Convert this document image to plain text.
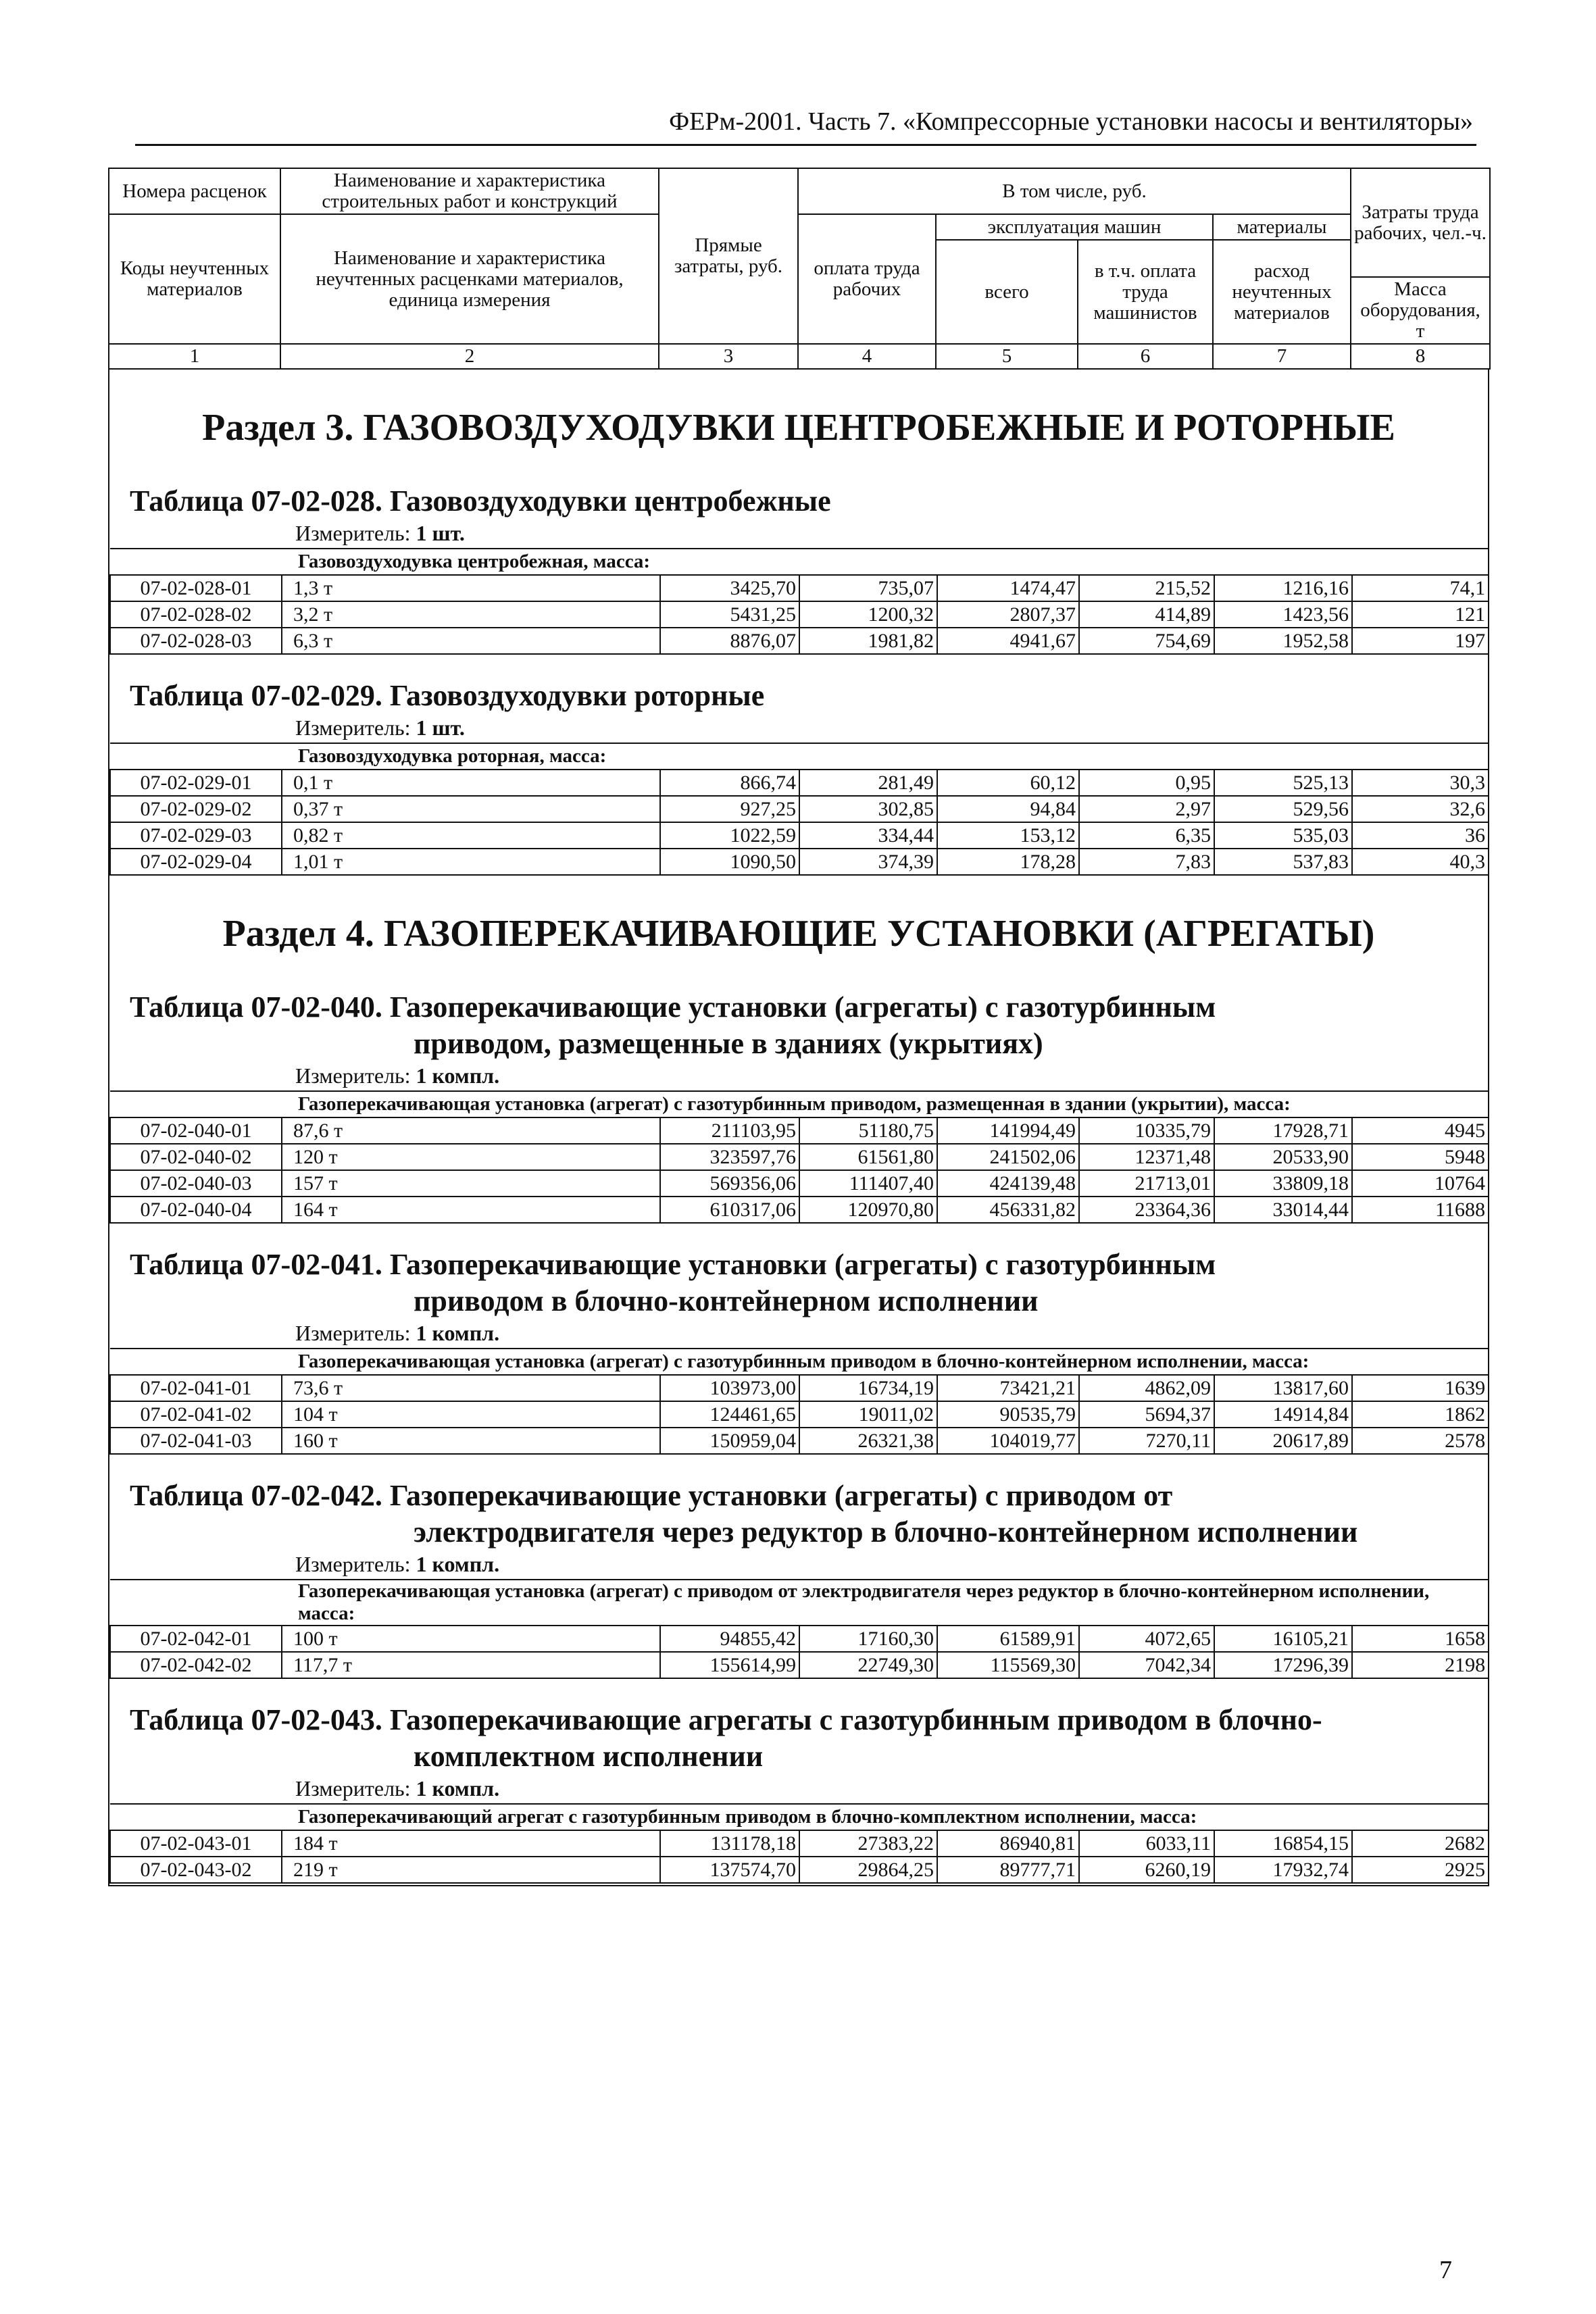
ФЕРм-2001. Часть 7. «Компрессорные установки насосы и вентиляторы»
Номера расценок	Наименование и характеристика строительных работ и конструкций	Прямые затраты, руб.	В том числе, руб.				Затраты труда рабочих, чел.-ч.
Коды неучтенных материалов	Наименование и характеристика неучтенных расценками материалов, единица измерения		оплата труда рабочих	эксплуатация машин		материалы	
				всего	в т.ч. оплата труда машинистов	расход неучтенных материалов	
							Масса оборудования, т

1	2	3	4	5	6	7	8
Раздел 3. ГАЗОВОЗДУХОДУВКИ ЦЕНТРОБЕЖНЫЕ И РОТОРНЫЕ
Таблица 07-02-028. Газовоздуходувки центробежные
Измеритель: 1 шт.
Газовоздуходувка центробежная, масса:							
07-02-028-01	1,3 т	3425,70	735,07	1474,47	215,52	1216,16	74,1
07-02-028-02	3,2 т	5431,25	1200,32	2807,37	414,89	1423,56	121
07-02-028-03	6,3 т	8876,07	1981,82	4941,67	754,69	1952,58	197
Таблица 07-02-029. Газовоздуходувки роторные
Измеритель: 1 шт.
Газовоздуходувка роторная, масса:							
07-02-029-01	0,1 т	866,74	281,49	60,12	0,95	525,13	30,3
07-02-029-02	0,37 т	927,25	302,85	94,84	2,97	529,56	32,6
07-02-029-03	0,82 т	1022,59	334,44	153,12	6,35	535,03	36
07-02-029-04	1,01 т	1090,50	374,39	178,28	7,83	537,83	40,3
Раздел 4. ГАЗОПЕРЕКАЧИВАЮЩИЕ УСТАНОВКИ (АГРЕГАТЫ)
Таблица 07-02-040. Газоперекачивающие установки (агрегаты) с газотурбинным
приводом, размещенные в зданиях (укрытиях)
Измеритель: 1 компл.
Газоперекачивающая установка (агрегат) с газотурбинным приводом, размещенная в здании (укрытии), масса:							
07-02-040-01	87,6 т	211103,95	51180,75	141994,49	10335,79	17928,71	4945
07-02-040-02	120 т	323597,76	61561,80	241502,06	12371,48	20533,90	5948
07-02-040-03	157 т	569356,06	111407,40	424139,48	21713,01	33809,18	10764
07-02-040-04	164 т	610317,06	120970,80	456331,82	23364,36	33014,44	11688
Таблица 07-02-041. Газоперекачивающие установки (агрегаты) с газотурбинным
приводом в блочно-контейнерном исполнении
Измеритель: 1 компл.
Газоперекачивающая установка (агрегат) с газотурбинным приводом в блочно-контейнерном исполнении, масса:							
07-02-041-01	73,6 т	103973,00	16734,19	73421,21	4862,09	13817,60	1639
07-02-041-02	104 т	124461,65	19011,02	90535,79	5694,37	14914,84	1862
07-02-041-03	160 т	150959,04	26321,38	104019,77	7270,11	20617,89	2578
Таблица 07-02-042. Газоперекачивающие установки (агрегаты) с приводом от
электродвигателя через редуктор в блочно-контейнерном исполнении
Измеритель: 1 компл.
Газоперекачивающая установка (агрегат) с приводом от электродвигателя через редуктор в блочно-контейнерном исполнении, масса:							
07-02-042-01	100 т	94855,42	17160,30	61589,91	4072,65	16105,21	1658
07-02-042-02	117,7 т	155614,99	22749,30	115569,30	7042,34	17296,39	2198
Таблица 07-02-043. Газоперекачивающие агрегаты с газотурбинным приводом в блочно-
комплектном исполнении
Измеритель: 1 компл.
Газоперекачивающий агрегат с газотурбинным приводом в блочно-комплектном исполнении, масса:							
07-02-043-01	184 т	131178,18	27383,22	86940,81	6033,11	16854,15	2682
07-02-043-02	219 т	137574,70	29864,25	89777,71	6260,19	17932,74	2925
7
